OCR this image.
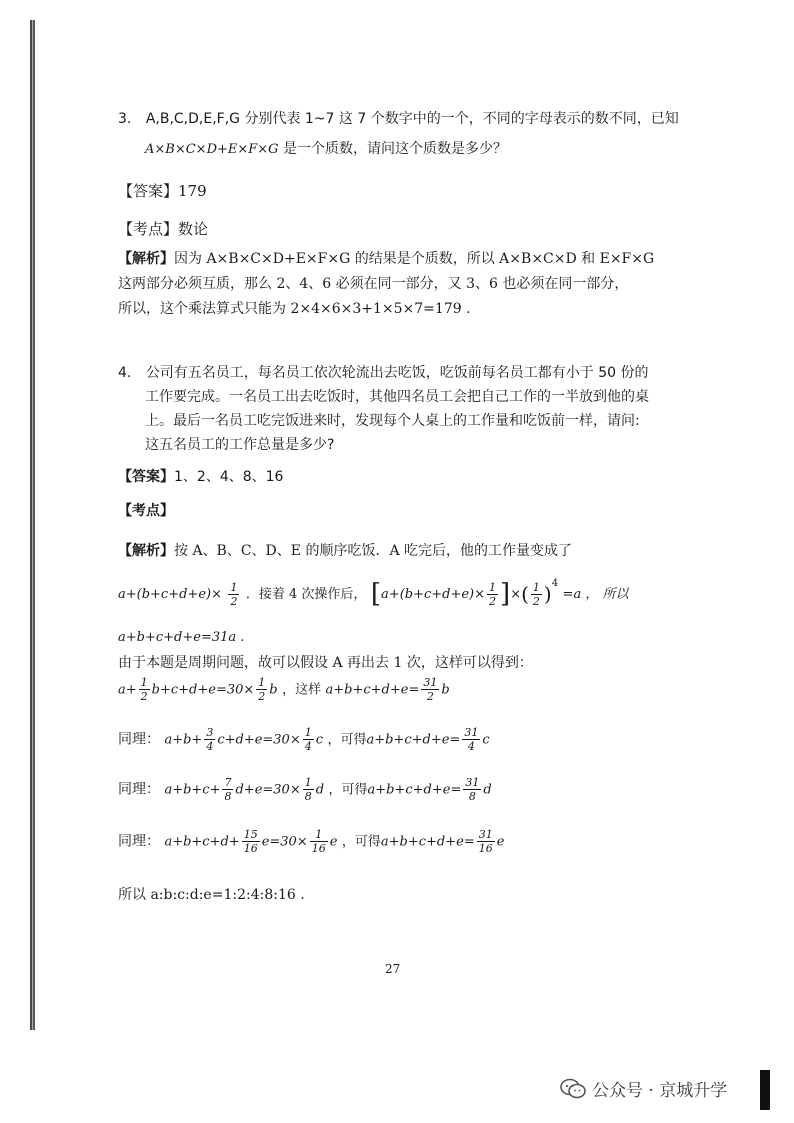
3. A,B,C,D,E,F,G 分别代表 1~7 这 7 个数字中的一个，不同的字母表示的数不同，已知
A×B×C×D+E×F×G 是一个质数，请问这个质数是多少？
【答案】179
【考点】数论
【解析】因为 A×B×C×D+E×F×G 的结果是个质数，所以 A×B×C×D 和 E×F×G
这两部分必须互质，那么 2、4、6 必须在同一部分，又 3、6 也必须在同一部分，
所以，这个乘法算式只能为 2×4×6×3+1×5×7=179 .
4. 公司有五名员工，每名员工依次轮流出去吃饭，吃饭前每名员工都有小于 50 份的
工作要完成。一名员工出去吃饭时，其他四名员工会把自己工作的一半放到他的桌
上。最后一名员工吃完饭进来时，发现每个人桌上的工作量和吃饭前一样，请问:
这五名员工的工作总量是多少?
【答案】1、2、4、8、16
【考点】
【解析】按 A、B、C、D、E 的顺序吃饭．A 吃完后，他的工作量变成了
$a+(b+c+d+e)\times \frac{1}{2}$ ．接着 4 次操作后， [$a+(b+c+d+e)\times \frac{1}{2}$ ]×( $\frac{1}{2} )^4 =a$ ， 所以
a+b+c+d+e=31a .
由于本题是周期问题，故可以假设 A 再出去 1 次，这样可以得到：
$a+ \frac{1}{2} b+c+d+e=30\times \frac{1}{2}$ b ，这样 $a+b+c+d+e= \frac{31}{2}$ b
同理： $a+b+ \frac{3}{4} c+d+e=30\times \frac{1}{4}$ c ，可得$a+b+c+d+e= \frac{31}{4}$ c
同理： $a+b+c+ \frac{7}{8} d+e=30\times \frac{1}{8}$ d ，可得$a+b+c+d+e= \frac{31}{8}$ d
同理： $a+b+c+d+ \frac{15}{16} e=30\times \frac{1}{16}$ e ，可得$a+b+c+d+e= \frac{31}{16}$ e
所以 a:b:c:d:e=1:2:4:8:16 .
27
公众号 · 京城升学
